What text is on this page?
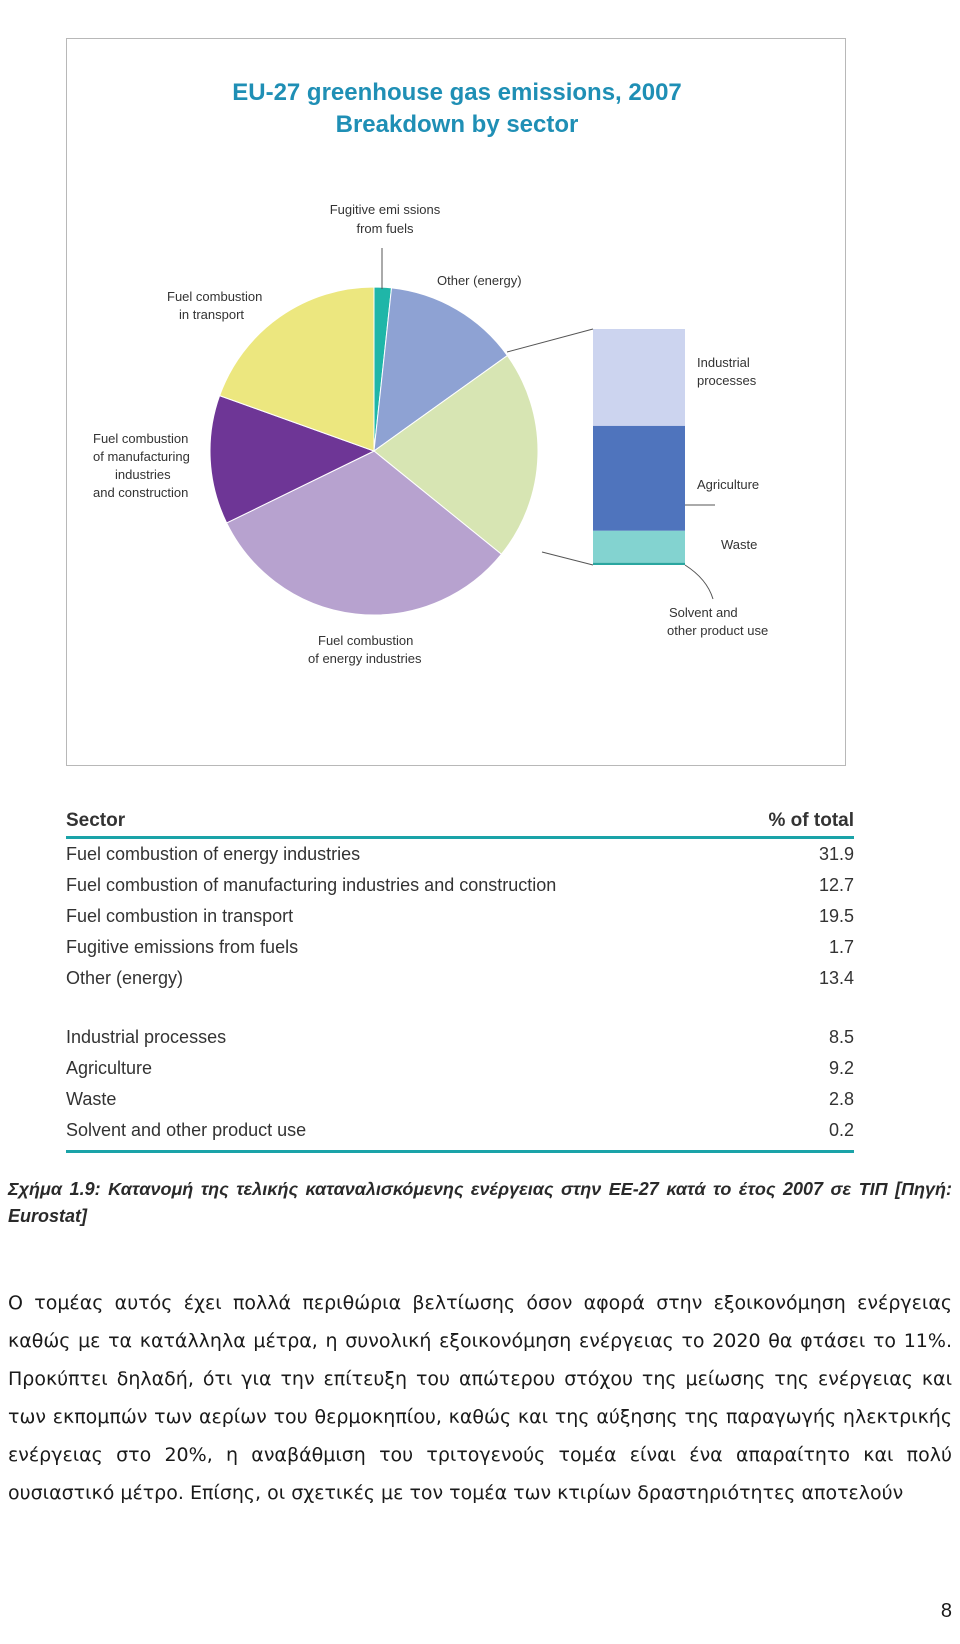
EU-27 greenhouse gas emissions, 2007
Breakdown by sector
Fugitive emi ssions
from fuels
Other (energy)
Fuel combustion
in transport
Fuel combustion
of manufacturing
industries
and construction
Fuel combustion
of energy industries
Industrial
processes
Agriculture
Waste
Solvent and
other product use
Sector	% of total
Fuel combustion of energy industries	31.9
Fuel combustion of manufacturing industries and construction	12.7
Fuel combustion in transport	19.5
Fugitive emissions from fuels	1.7
Other (energy)	13.4
Industrial processes	8.5
Agriculture	9.2
Waste	2.8
Solvent and other product use	0.2
Σχήμα 1.9: Κατανομή της τελικής καταναλισκόμενης ενέργειας στην ΕΕ-27 κατά το έτος 2007 σε ΤΙΠ [Πηγή: Eurostat]
Ο τομέας αυτός έχει πολλά περιθώρια βελτίωσης όσον αφορά στην εξοικονόμηση ενέργειας καθώς με τα κατάλληλα μέτρα, η συνολική εξοικονόμηση ενέργειας το 2020 θα φτάσει το 11%. Προκύπτει δηλαδή, ότι για την επίτευξη του απώτερου στόχου της μείωσης της ενέργειας και των εκπομπών των αερίων του θερμοκηπίου, καθώς και της αύξησης της παραγωγής ηλεκτρικής ενέργειας στο 20%, η αναβάθμιση του τριτογενούς τομέα είναι ένα απαραίτητο και πολύ ουσιαστικό μέτρο. Επίσης, οι σχετικές με τον τομέα των κτιρίων δραστηριότητες αποτελούν
8
